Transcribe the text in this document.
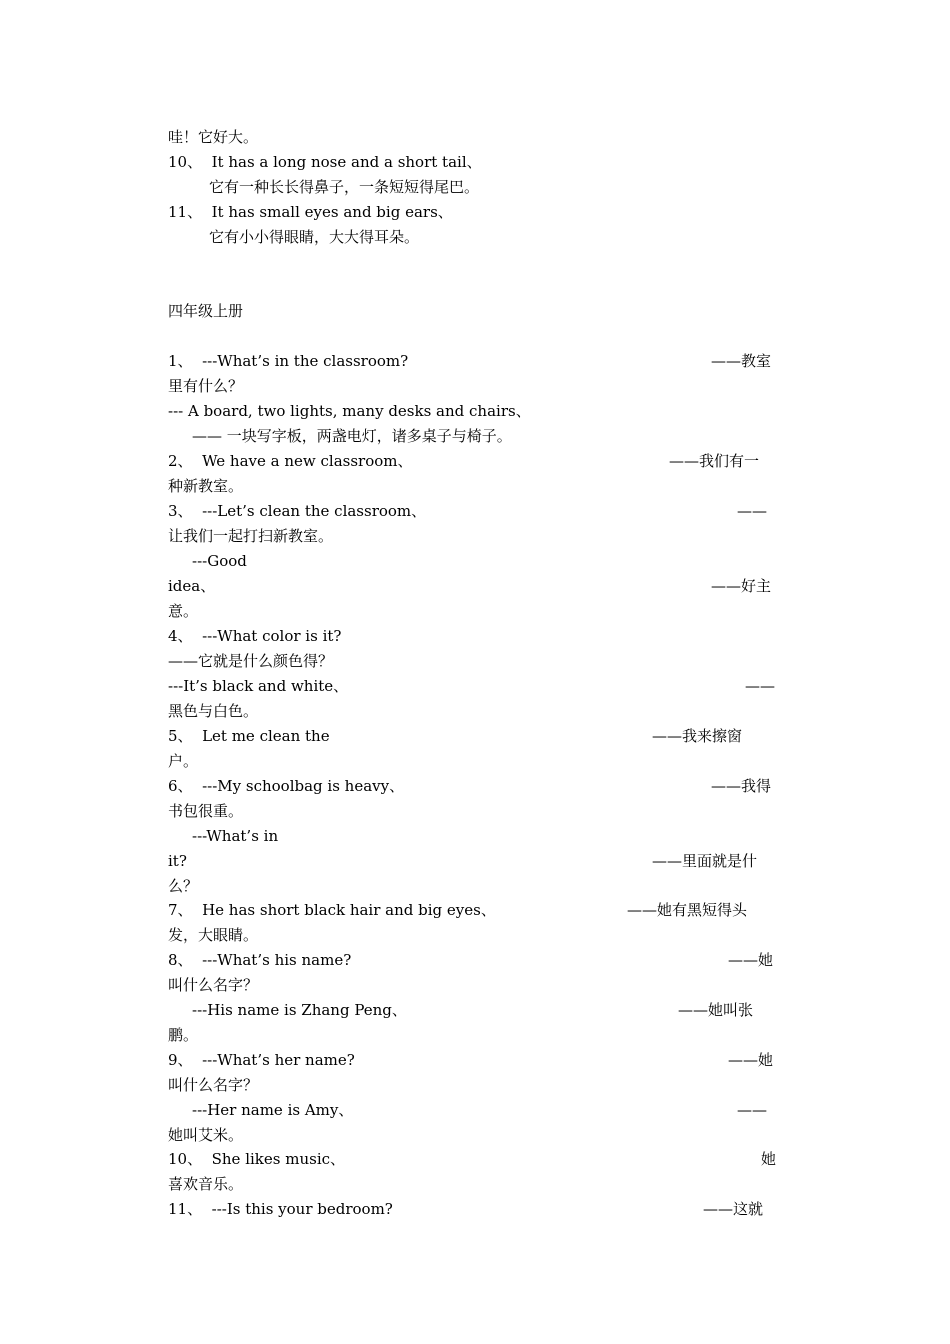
哇！它好大。
10、  It has a long nose and a short tail、
它有一种长长得鼻子，一条短短得尾巴。
11、  It has small eyes and big ears、
它有小小得眼睛，大大得耳朵。
四年级上册
1、  ---What’s in the classroom?	——教室
里有什么？
--- A board, two lights, many desks and chairs、
—— 一块写字板，两盏电灯，诸多桌子与椅子。
2、  We have a new classroom、	——我们有一
种新教室。
3、  ---Let’s clean the classroom、	——
让我们一起打扫新教室。
---Good
idea、	——好主
意。
4、  ---What color is it?
——它就是什么颜色得？
---It’s black and white、	——
黑色与白色。
5、  Let me clean the	——我来擦窗
户。
6、  ---My schoolbag is heavy、	——我得
书包很重。
---What’s in
it?	——里面就是什
么？
7、  He has short black hair and big eyes、	——她有黑短得头
发，大眼睛。
8、  ---What’s his name?	——她
叫什么名字？
---His name is Zhang Peng、	——她叫张
鹏。
9、  ---What’s her name?	——她
叫什么名字？
---Her name is Amy、	——
她叫艾米。
10、  She likes music、	她
喜欢音乐。
11、  ---Is this your bedroom?	——这就
